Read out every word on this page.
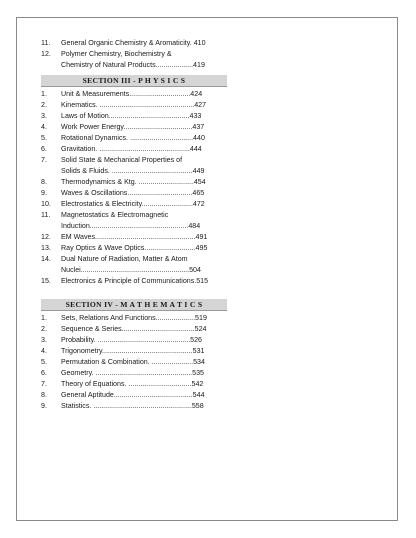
11. General Organic Chemistry & Aromaticity. 410
12. Polymer Chemistry, Biochemistry &
Chemistry of Natural Products...................419
SECTION III - P H Y S I C S
1. Unit & Measurements...............................424
2. Kinematics. ................................................427
3. Laws of Motion.........................................433
4. Work Power Energy...................................437
5. Rotational Dynamics. ................................440
6. Gravitation. ..............................................444
7. Solid State & Mechanical Properties of
Solids & Fluids. .........................................449
8. Thermodynamics & Ktg. ............................454
9. Waves & Oscillations.................................465
10. Electrostatics & Electricity..........................472
11. Magnetostatics & Electromagnetic
Induction..................................................484
12. EM Waves...................................................491
13. Ray Optics & Wave Optics..........................495
14. Dual Nature of Radiation, Matter & Atom
Nuclei.......................................................504
15. Electronics & Principle of Communications.515
SECTION IV - M A T H E M A T I C S
1. Sets, Relations And Functions....................519
2. Sequence & Series.....................................524
3. Probability. ...............................................526
4. Trigonometry..............................................531
5. Permutation & Combination. .....................534
6. Geometry. .................................................535
7. Theory of Equations. ................................542
8. General Aptitude........................................544
9. Statistics. ..................................................558
